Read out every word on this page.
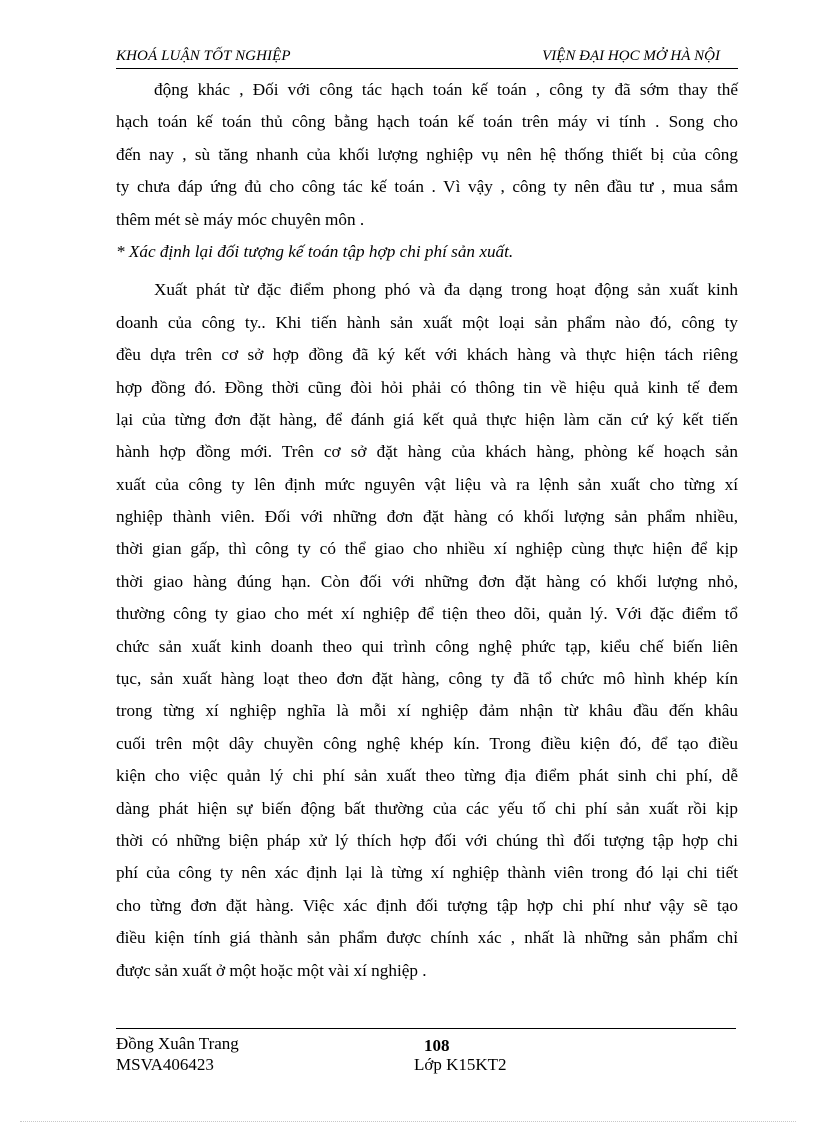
KHOÁ LUẬN TỐT NGHIỆP	VIỆN ĐẠI HỌC MỞ HÀ NỘI
động khác , Đối với công tác hạch toán kế toán , công ty đã sớm thay thế
hạch toán kế toán thủ công bằng hạch toán kế toán trên máy vi tính . Song cho
đến nay , sù tăng nhanh của khối lượng nghiệp vụ nên hệ thống thiết bị của công
ty chưa đáp ứng đủ cho công tác kế toán . Vì vậy , công ty nên đầu tư , mua sắm
thêm mét sè máy móc chuyên môn .
* Xác định lại đối tượng kế toán tập hợp chi phí sản xuất.
Xuất phát từ đặc điểm phong phó và đa dạng trong hoạt động sản xuất kinh
doanh của công ty.. Khi tiến hành sản xuất một loại sản phẩm nào đó, công ty
đều dựa trên cơ sở hợp đồng đã ký kết với khách hàng và thực hiện tách riêng
hợp đồng đó. Đồng thời cũng đòi hỏi phải có thông tin về hiệu quả kinh tế đem
lại của từng đơn đặt hàng, để đánh giá kết quả thực hiện làm căn cứ ký kết tiến
hành hợp đồng mới. Trên cơ sở đặt hàng của khách hàng, phòng kế hoạch sản
xuất của công ty lên định mức nguyên vật liệu và ra lệnh sản xuất cho từng xí
nghiệp thành viên. Đối với những đơn đặt hàng có khối lượng sản phẩm nhiều,
thời gian gấp, thì công ty có thể giao cho nhiều xí nghiệp cùng thực hiện để kịp
thời giao hàng đúng hạn. Còn đối với những đơn đặt hàng có khối lượng nhỏ,
thường công ty giao cho mét xí nghiệp để tiện theo dõi, quản lý. Với đặc điểm tổ
chức sản xuất kinh doanh theo qui trình công nghệ phức tạp, kiểu chế biến liên
tục, sản xuất hàng loạt theo đơn đặt hàng, công ty đã tổ chức mô hình khép kín
trong từng xí nghiệp nghĩa là mỗi xí nghiệp đảm nhận từ khâu đầu đến khâu
cuối trên một dây chuyền công nghệ khép kín. Trong điều kiện đó, để tạo điều
kiện cho việc quản lý chi phí sản xuất theo từng địa điểm phát sinh chi phí, dễ
dàng phát hiện sự biến động bất thường của các yếu tố chi phí sản xuất rồi kịp
thời có những biện pháp xử lý thích hợp đối với chúng thì đối tượng tập hợp chi
phí của công ty nên xác định lại là từng xí nghiệp thành viên trong đó lại chi tiết
cho từng đơn đặt hàng. Việc xác định đối tượng tập hợp chi phí như vậy sẽ tạo
điều kiện tính giá thành sản phẩm được chính xác , nhất là những sản phẩm chỉ
được sản xuất ở một hoặc một vài xí nghiệp .
Đồng Xuân Trang
MSVA406423
108
Lớp K15KT2
